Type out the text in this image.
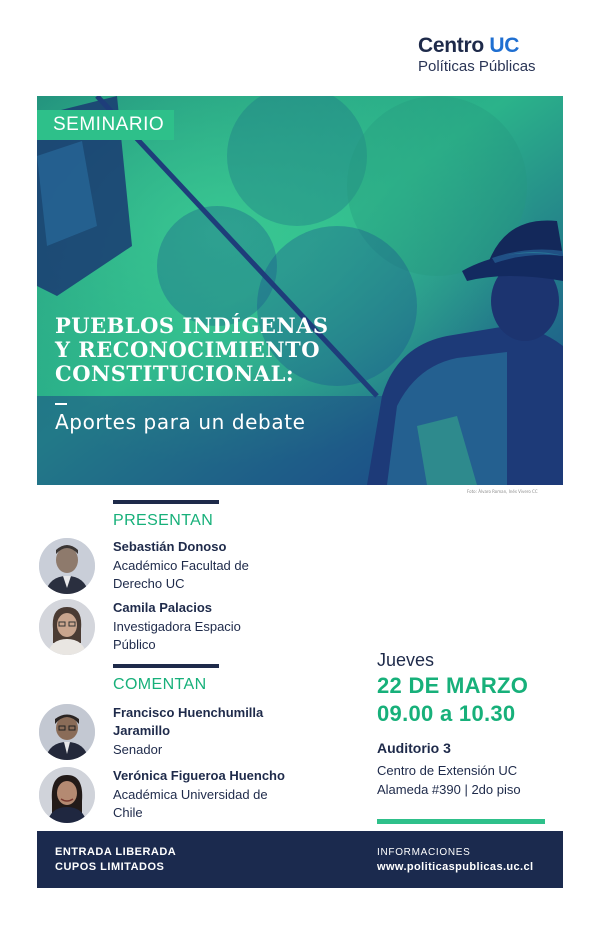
Centro UC
Políticas Públicas
SEMINARIO
PUEBLOS INDÍGENAS
Y RECONOCIMIENTO
CONSTITUCIONAL:
Aportes para un debate
Foto: Álvaro Roman, Inés Vivero CC
PRESENTAN
Sebastián Donoso
Académico Facultad de
Derecho UC
Camila Palacios
Investigadora Espacio
Público
COMENTAN
Francisco Huenchumilla
Jaramillo
Senador
Verónica Figueroa Huencho
Académica Universidad de
Chile
Jueves
22 DE MARZO
09.00 a 10.30
Auditorio 3
Centro de Extensión UC
Alameda #390 | 2do piso
ENTRADA LIBERADA
CUPOS LIMITADOS
INFORMACIONES
www.politicaspublicas.uc.cl
